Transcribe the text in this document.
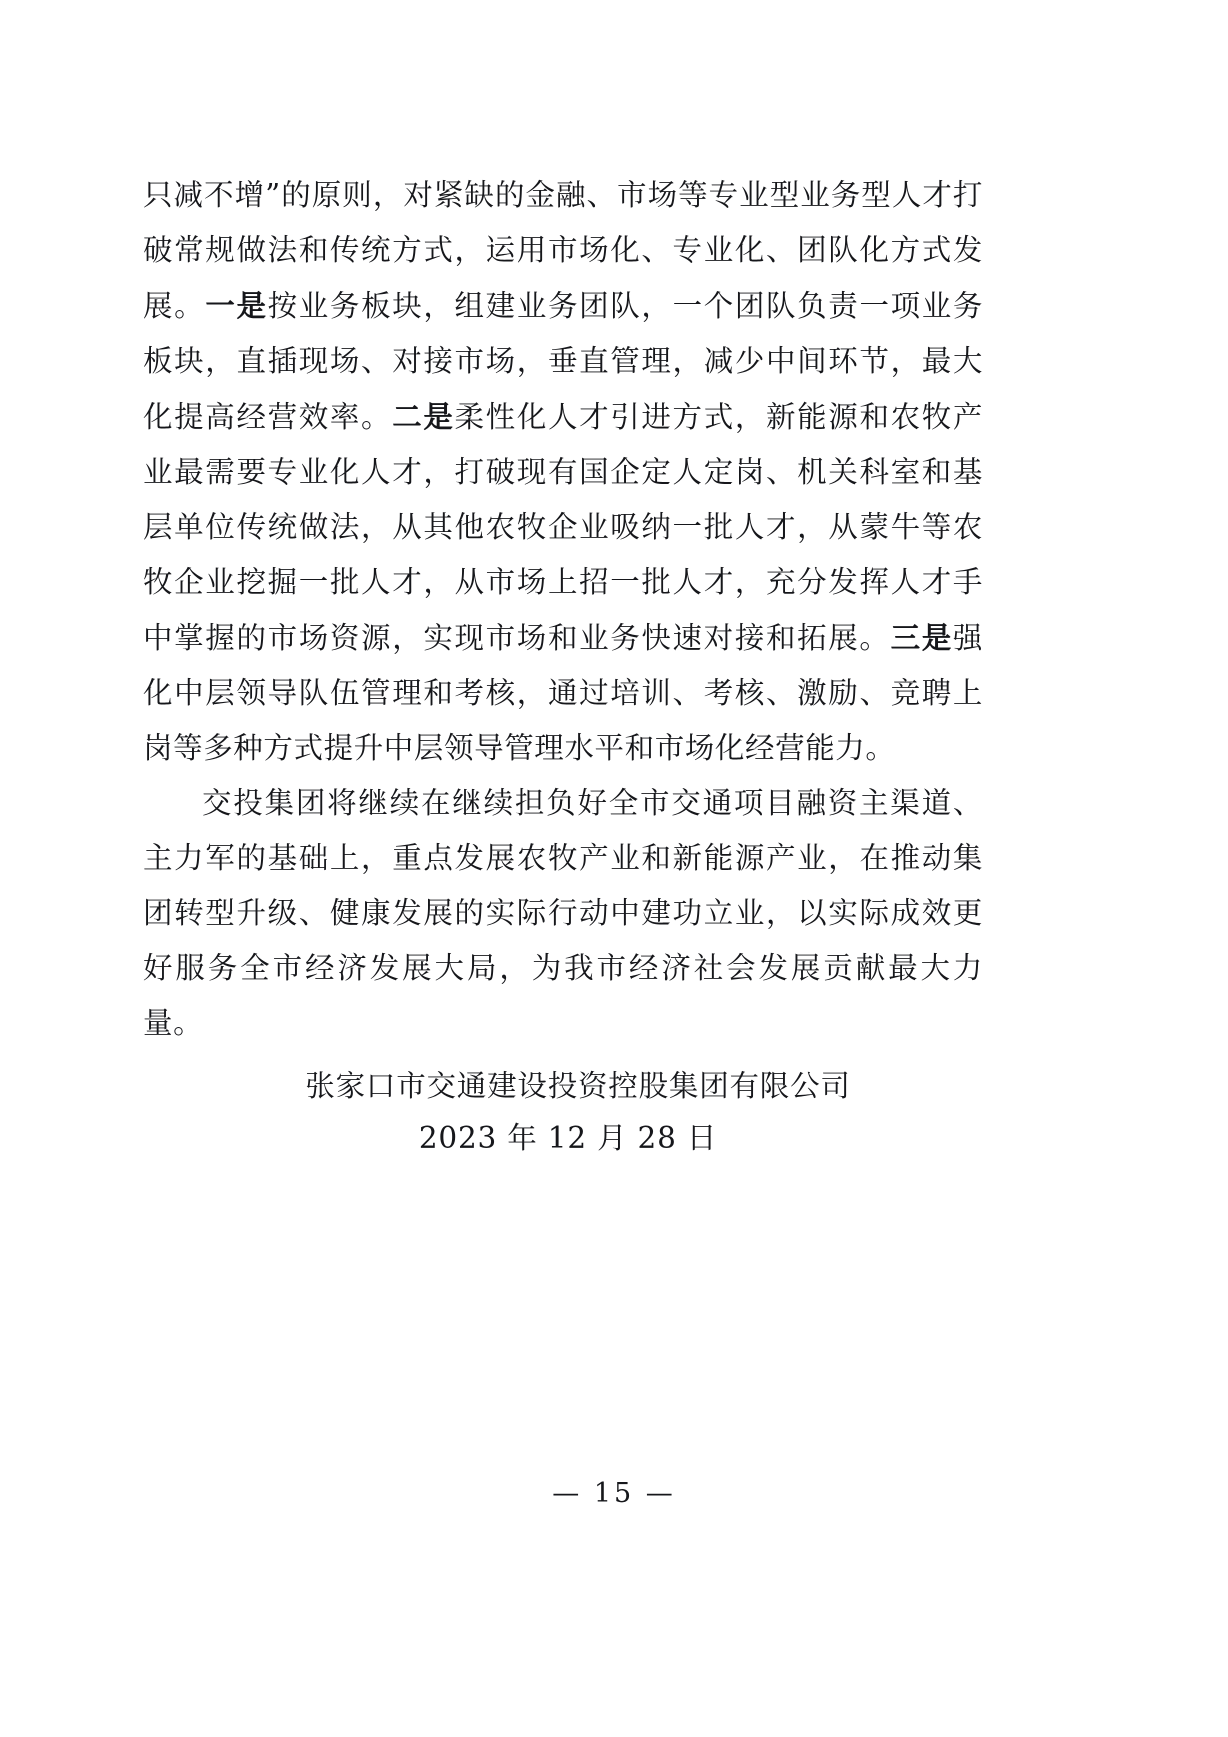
只减不增”的原则，对紧缺的金融、市场等专业型业务型人才打破常规做法和传统方式，运用市场化、专业化、团队化方式发展。一是按业务板块，组建业务团队，一个团队负责一项业务板块，直插现场、对接市场，垂直管理，减少中间环节，最大化提高经营效率。二是柔性化人才引进方式，新能源和农牧产业最需要专业化人才，打破现有国企定人定岗、机关科室和基层单位传统做法，从其他农牧企业吸纳一批人才，从蒙牛等农牧企业挖掘一批人才，从市场上招一批人才，充分发挥人才手中掌握的市场资源，实现市场和业务快速对接和拓展。三是强化中层领导队伍管理和考核，通过培训、考核、激励、竞聘上岗等多种方式提升中层领导管理水平和市场化经营能力。

交投集团将继续在继续担负好全市交通项目融资主渠道、主力军的基础上，重点发展农牧产业和新能源产业，在推动集团转型升级、健康发展的实际行动中建功立业，以实际成效更好服务全市经济发展大局，为我市经济社会发展贡献最大力量。

张家口市交通建设投资控股集团有限公司
2023 年 12 月 28 日
— 15 —
